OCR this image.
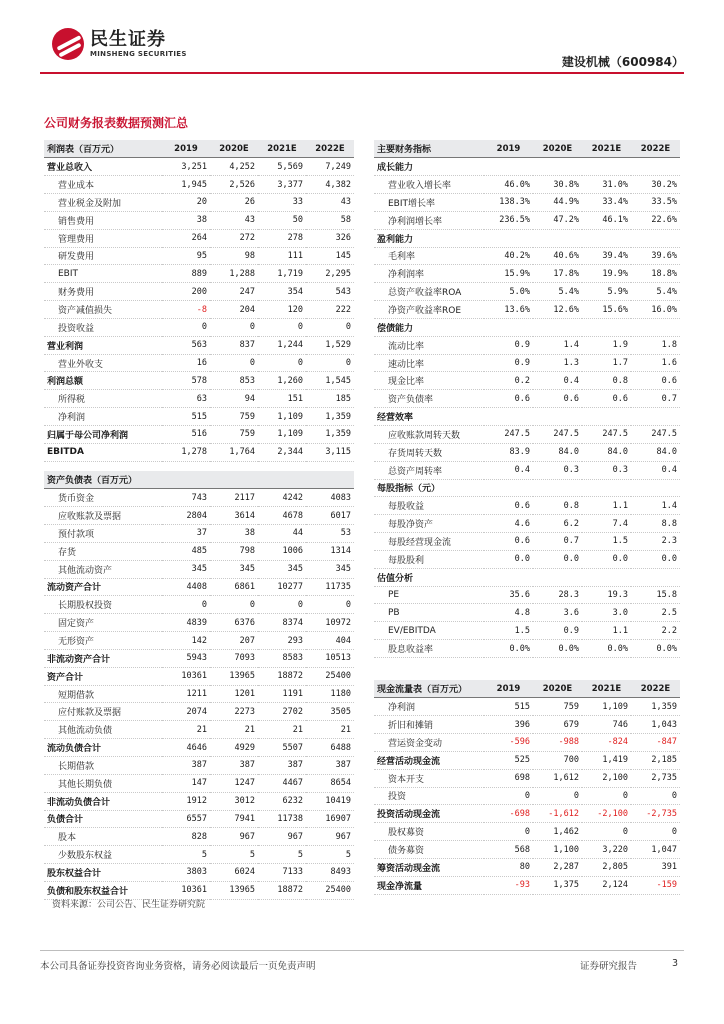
民生证券
MINSHENG SECURITIES
建设机械（600984）
公司财务报表数据预测汇总
利润表（百万元）	2019	2020E	2021E	2022E
营业总收入	3,251	4,252	5,569	7,249
营业成本	1,945	2,526	3,377	4,382
营业税金及附加	20	26	33	43
销售费用	38	43	50	58
管理费用	264	272	278	326
研发费用	95	98	111	145
EBIT	889	1,288	1,719	2,295
财务费用	200	247	354	543
资产减值损失	-8	204	120	222
投资收益	0	0	0	0
营业利润	563	837	1,244	1,529
营业外收支	16	0	0	0
利润总额	578	853	1,260	1,545
所得税	63	94	151	185
净利润	515	759	1,109	1,359
归属于母公司净利润	516	759	1,109	1,359
EBITDA	1,278	1,764	2,344	3,115
资产负债表（百万元）				
货币资金	743	2117	4242	4083
应收账款及票据	2804	3614	4678	6017
预付款项	37	38	44	53
存货	485	798	1006	1314
其他流动资产	345	345	345	345
流动资产合计	4408	6861	10277	11735
长期股权投资	0	0	0	0
固定资产	4839	6376	8374	10972
无形资产	142	207	293	404
非流动资产合计	5943	7093	8583	10513
资产合计	10361	13965	18872	25400
短期借款	1211	1201	1191	1180
应付账款及票据	2074	2273	2702	3505
其他流动负债	21	21	21	21
流动负债合计	4646	4929	5507	6488
长期借款	387	387	387	387
其他长期负债	147	1247	4467	8654
非流动负债合计	1912	3012	6232	10419
负债合计	6557	7941	11738	16907
股本	828	967	967	967
少数股东权益	5	5	5	5
股东权益合计	3803	6024	7133	8493
负债和股东权益合计	10361	13965	18872	25400
主要财务指标	2019	2020E	2021E	2022E
成长能力				
营业收入增长率	46.0%	30.8%	31.0%	30.2%
EBIT增长率	138.3%	44.9%	33.4%	33.5%
净利润增长率	236.5%	47.2%	46.1%	22.6%
盈利能力				
毛利率	40.2%	40.6%	39.4%	39.6%
净利润率	15.9%	17.8%	19.9%	18.8%
总资产收益率ROA	5.0%	5.4%	5.9%	5.4%
净资产收益率ROE	13.6%	12.6%	15.6%	16.0%
偿债能力				
流动比率	0.9	1.4	1.9	1.8
速动比率	0.9	1.3	1.7	1.6
现金比率	0.2	0.4	0.8	0.6
资产负债率	0.6	0.6	0.6	0.7
经营效率				
应收账款周转天数	247.5	247.5	247.5	247.5
存货周转天数	83.9	84.0	84.0	84.0
总资产周转率	0.4	0.3	0.3	0.4
每股指标（元）				
每股收益	0.6	0.8	1.1	1.4
每股净资产	4.6	6.2	7.4	8.8
每股经营现金流	0.6	0.7	1.5	2.3
每股股利	0.0	0.0	0.0	0.0
估值分析				
PE	35.6	28.3	19.3	15.8
PB	4.8	3.6	3.0	2.5
EV/EBITDA	1.5	0.9	1.1	2.2
股息收益率	0.0%	0.0%	0.0%	0.0%
现金流量表（百万元）	2019	2020E	2021E	2022E
净利润	515	759	1,109	1,359
折旧和摊销	396	679	746	1,043
营运资金变动	-596	-988	-824	-847
经营活动现金流	525	700	1,419	2,185
资本开支	698	1,612	2,100	2,735
投资	0	0	0	0
投资活动现金流	-698	-1,612	-2,100	-2,735
股权募资	0	1,462	0	0
债务募资	568	1,100	3,220	1,047
筹资活动现金流	80	2,287	2,805	391
现金净流量	-93	1,375	2,124	-159
资料来源：公司公告、民生证券研究院
本公司具备证券投资咨询业务资格，请务必阅读最后一页免责声明	证券研究报告	3
